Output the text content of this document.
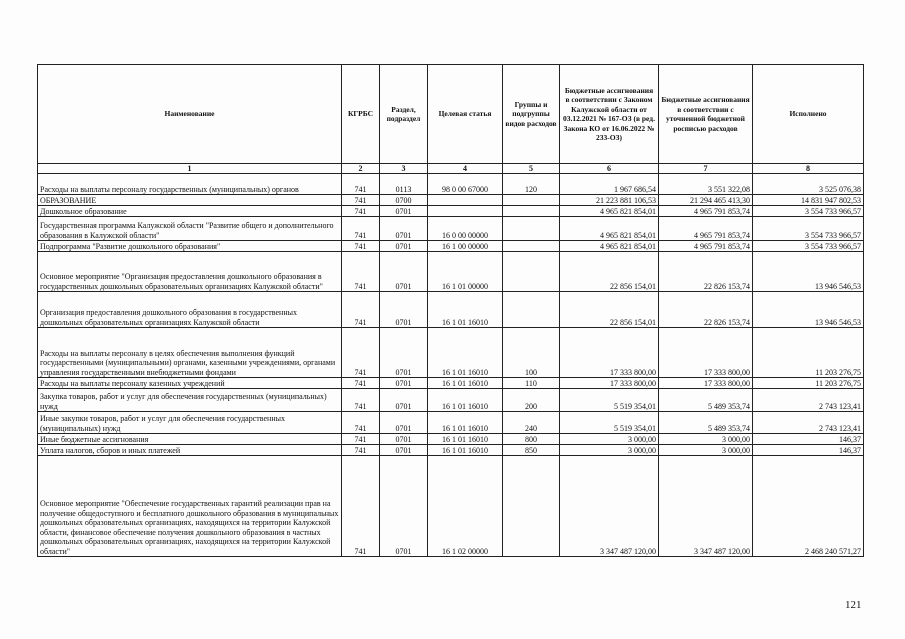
Наименование	КГРБС	Раздел, подраздел	Целевая статья	Группы и подгруппы видов расходов	Бюджетные ассигнования в соответствии с Законом Калужской области от 03.12.2021 № 167-ОЗ (в ред. Закона КО от 16.06.2022 № 233-ОЗ)	Бюджетные ассигнования в соответствии с уточненной бюджетной росписью расходов	Исполнено
1	2	3	4	5	6	7	8
Расходы на выплаты персоналу государственных (муниципальных) органов	741	0113	98 0 00 67000	120	1 967 686,54	3 551 322,08	3 525 076,38
ОБРАЗОВАНИЕ	741	0700			21 223 881 106,53	21 294 465 413,30	14 831 947 802,53
Дошкольное образование	741	0701			4 965 821 854,01	4 965 791 853,74	3 554 733 966,57
Государственная программа Калужской области "Развитие общего и дополнительного образования в Калужской области"	741	0701	16 0 00 00000		4 965 821 854,01	4 965 791 853,74	3 554 733 966,57
Подпрограмма "Развитие дошкольного образования"	741	0701	16 1 00 00000		4 965 821 854,01	4 965 791 853,74	3 554 733 966,57
Основное мероприятие "Организация предоставления дошкольного образования в государственных дошкольных образовательных организациях Калужской области"	741	0701	16 1 01 00000		22 856 154,01	22 826 153,74	13 946 546,53
Организация предоставления дошкольного образования в государственных дошкольных образовательных организациях Калужской области	741	0701	16 1 01 16010		22 856 154,01	22 826 153,74	13 946 546,53
Расходы на выплаты персоналу в целях обеспечения выполнения функций государственными (муниципальными) органами, казенными учреждениями, органами управления государственными внебюджетными фондами	741	0701	16 1 01 16010	100	17 333 800,00	17 333 800,00	11 203 276,75
Расходы на выплаты персоналу казенных учреждений	741	0701	16 1 01 16010	110	17 333 800,00	17 333 800,00	11 203 276,75
Закупка товаров, работ и услуг для обеспечения государственных (муниципальных) нужд	741	0701	16 1 01 16010	200	5 519 354,01	5 489 353,74	2 743 123,41
Иные закупки товаров, работ и услуг для обеспечения государственных (муниципальных) нужд	741	0701	16 1 01 16010	240	5 519 354,01	5 489 353,74	2 743 123,41
Иные бюджетные ассигнования	741	0701	16 1 01 16010	800	3 000,00	3 000,00	146,37
Уплата налогов, сборов и иных платежей	741	0701	16 1 01 16010	850	3 000,00	3 000,00	146,37
Основное мероприятие "Обеспечение государственных гарантий реализации прав на получение общедоступного и бесплатного дошкольного образования в муниципальных дошкольных образовательных организациях, находящихся на территории Калужской области, финансовое обеспечение получения дошкольного образования в частных дошкольных образовательных организациях, находящихся на территории Калужской области"	741	0701	16 1 02 00000		3 347 487 120,00	3 347 487 120,00	2 468 240 571,27
121
